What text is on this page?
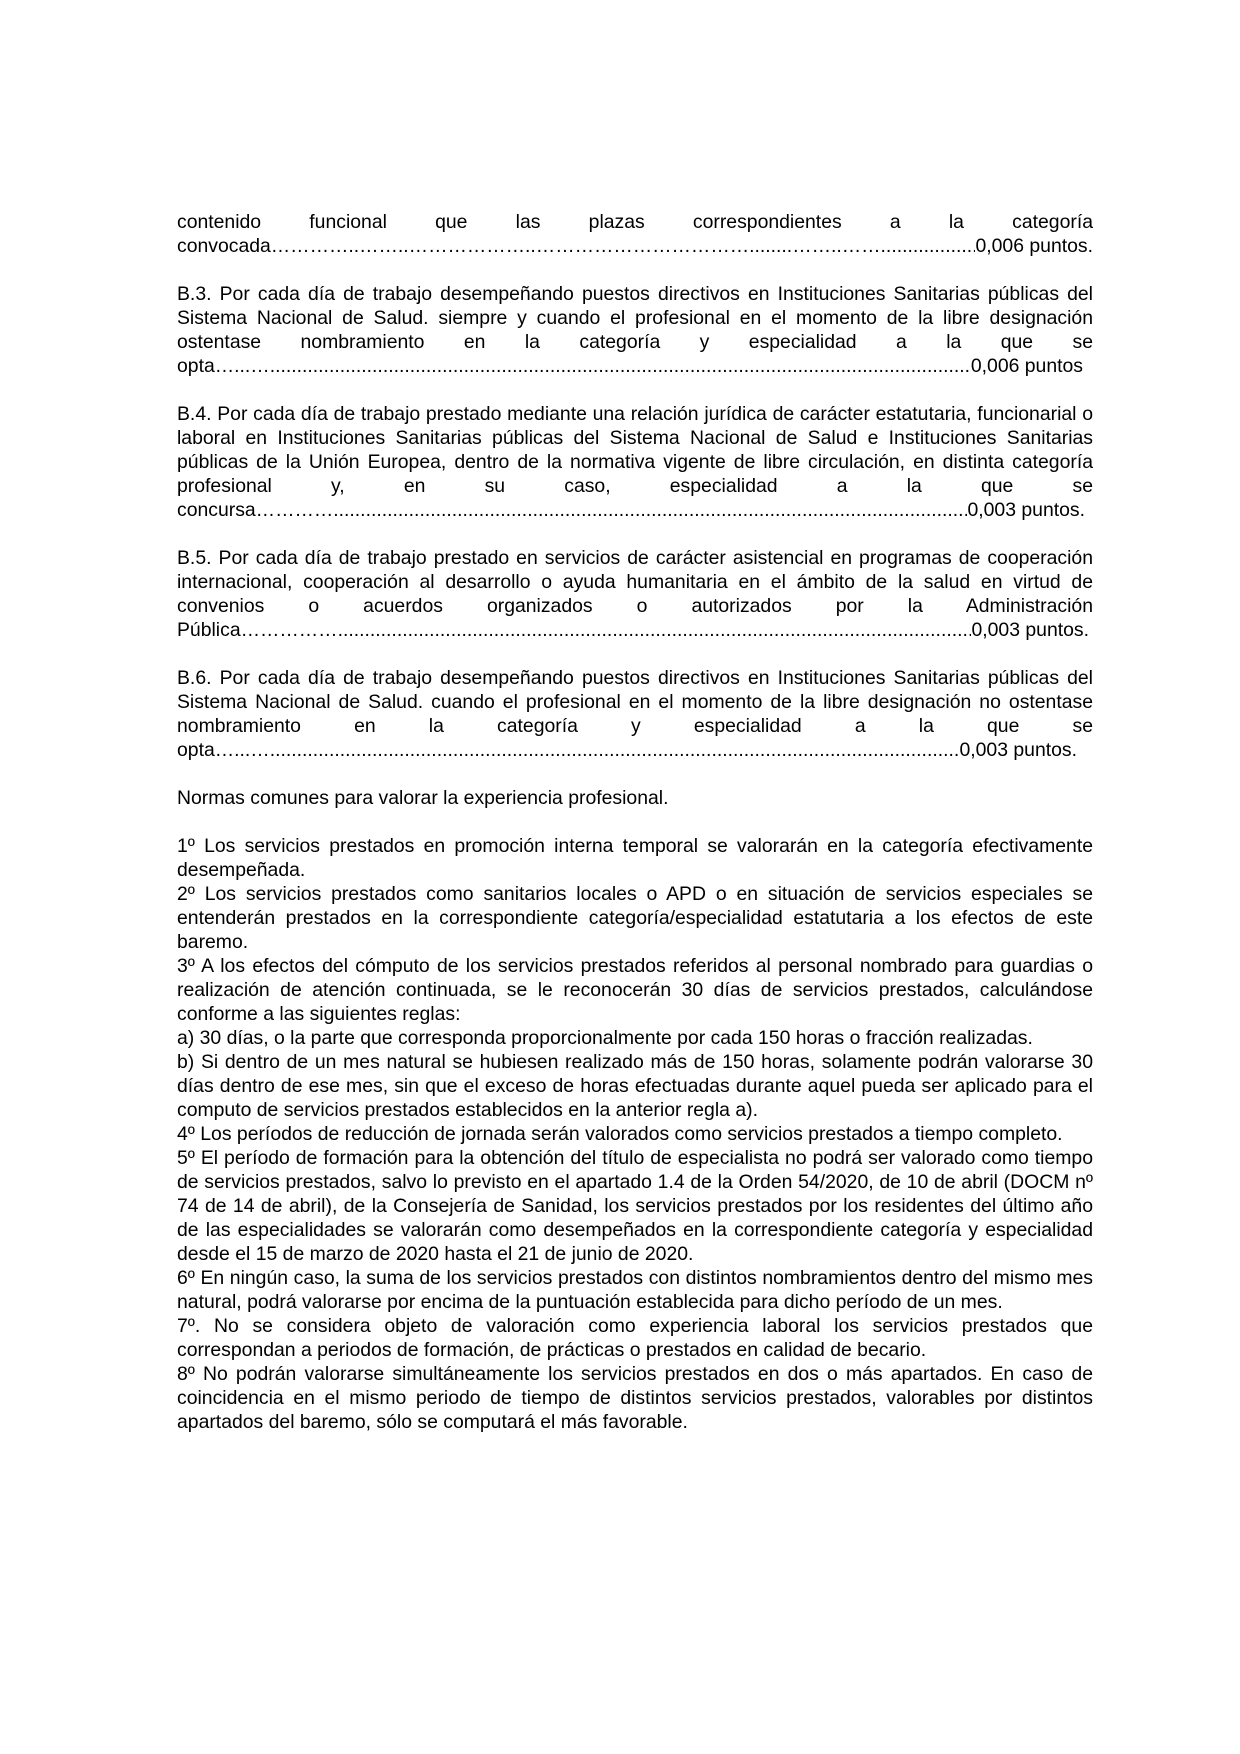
contenido funcional que las plazas correspondientes a la categoría

convocada…………..……..………………..……………………………........……..…… .....	0,006 puntos.

B.3. Por cada día de trabajo desempeñando puestos directivos en Instituciones Sanitarias públicas del Sistema Nacional de Salud. siempre y cuando el profesional en el momento de la libre designación ostentase nombramiento en la categoría y especialidad a la que se

opta…...… .....	0,006 puntos

B.4. Por cada día de trabajo prestado mediante una relación jurídica de carácter estatutaria, funcionarial o laboral en Instituciones Sanitarias públicas del Sistema Nacional de Salud e Instituciones Sanitarias públicas de la Unión Europea, dentro de la normativa vigente de libre circulación, en distinta categoría profesional y, en su caso, especialidad a la que se

concursa………… .....	0,003 puntos.

B.5. Por cada día de trabajo prestado en servicios de carácter asistencial en programas de cooperación internacional, cooperación al desarrollo o ayuda humanitaria en el ámbito de la salud en virtud de convenios o acuerdos organizados o autorizados por la Administración

Pública…………… .....	0,003 puntos.

B.6. Por cada día de trabajo desempeñando puestos directivos en Instituciones Sanitarias públicas del Sistema Nacional de Salud. cuando el profesional en el momento de la libre designación no ostentase nombramiento en la categoría y especialidad a la que se

opta…...… .....	0,003 puntos.

Normas comunes para valorar la experiencia profesional.

1º Los servicios prestados en promoción interna temporal se valorarán en la categoría efectivamente desempeñada.

2º Los servicios prestados como sanitarios locales o APD o en situación de servicios especiales se entenderán prestados en la correspondiente categoría/especialidad estatutaria a los efectos de este baremo.

3º A los efectos del cómputo de los servicios prestados referidos al personal nombrado para guardias o realización de atención continuada, se le reconocerán 30 días de servicios prestados, calculándose conforme a las siguientes reglas:

a) 30 días, o la parte que corresponda proporcionalmente por cada 150 horas o fracción realizadas.

b) Si dentro de un mes natural se hubiesen realizado más de 150 horas, solamente podrán valorarse 30 días dentro de ese mes, sin que el exceso de horas efectuadas durante aquel pueda ser aplicado para el computo de servicios prestados establecidos en la anterior regla a).

4º Los períodos de reducción de jornada serán valorados como servicios prestados a tiempo completo.

5º El período de formación para la obtención del título de especialista no podrá ser valorado como tiempo de servicios prestados, salvo lo previsto en el apartado 1.4 de la Orden 54/2020, de 10 de abril (DOCM nº 74 de 14 de abril), de la Consejería de Sanidad, los servicios prestados por los residentes del último año de las especialidades se valorarán como desempeñados en la correspondiente categoría y especialidad desde el 15 de marzo de 2020 hasta el 21 de junio de 2020.

6º En ningún caso, la suma de los servicios prestados con distintos nombramientos dentro del mismo mes natural, podrá valorarse por encima de la puntuación establecida para dicho período de un mes.

7º. No se considera objeto de valoración como experiencia laboral los servicios prestados que correspondan a periodos de formación, de prácticas o prestados en calidad de becario.

8º No podrán valorarse simultáneamente los servicios prestados en dos o más apartados. En caso de coincidencia en el mismo periodo de tiempo de distintos servicios prestados, valorables por distintos apartados del baremo, sólo se computará el más favorable.
